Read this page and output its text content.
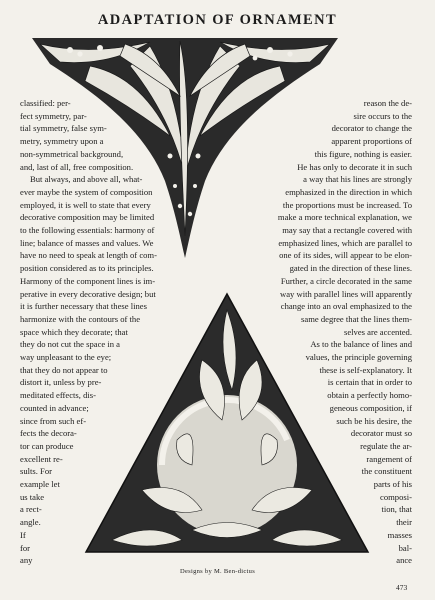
ADAPTATION OF ORNAMENT
classified: per-
fect symmetry, par-
tial symmetry, false sym-
metry, symmetry upon a
non-symmetrical background,
and, last of all, free composition.
But always, and above all, what-
ever maybe the system of composition
employed, it is well to state that every
decorative composition may be limited
to the following essentials: harmony of
line; balance of masses and values. We
have no need to speak at length of com-
position considered as to its principles.
Harmony of the component lines is im-
perative in every decorative design; but
it is further necessary that these lines
harmonize with the contours of the
space which they decorate; that
they do not cut the space in a
way unpleasant to the eye;
that they do not appear to
distort it, unless by pre-
meditated effects, dis-
counted in advance;
since from such ef-
fects the decora-
tor can produce
excellent re-
sults. For
example let
us take
a rect-
angle.
If
for
any
reason the de-
sire occurs to the
decorator to change the
apparent proportions of
this figure, nothing is easier.
He has only to decorate it in such
a way that his lines are strongly
emphasized in the direction in which
the proportions must be increased. To
make a more technical explanation, we
may say that a rectangle covered with
emphasized lines, which are parallel to
one of its sides, will appear to be elon-
gated in the direction of these lines.
Further, a circle decorated in the same
way with parallel lines will apparently
change into an oval emphasized to the
same degree that the lines them-
selves are accented.
As to the balance of lines and
values, the principle governing
these is self-explanatory. It
is certain that in order to
obtain a perfectly homo-
geneous composition, if
such be his desire, the
decorator must so
regulate the ar-
rangement of
the constituent
parts of his
composi-
tion, that
their
masses
bal-
ance
Designs by M. Ben-dictus
473
